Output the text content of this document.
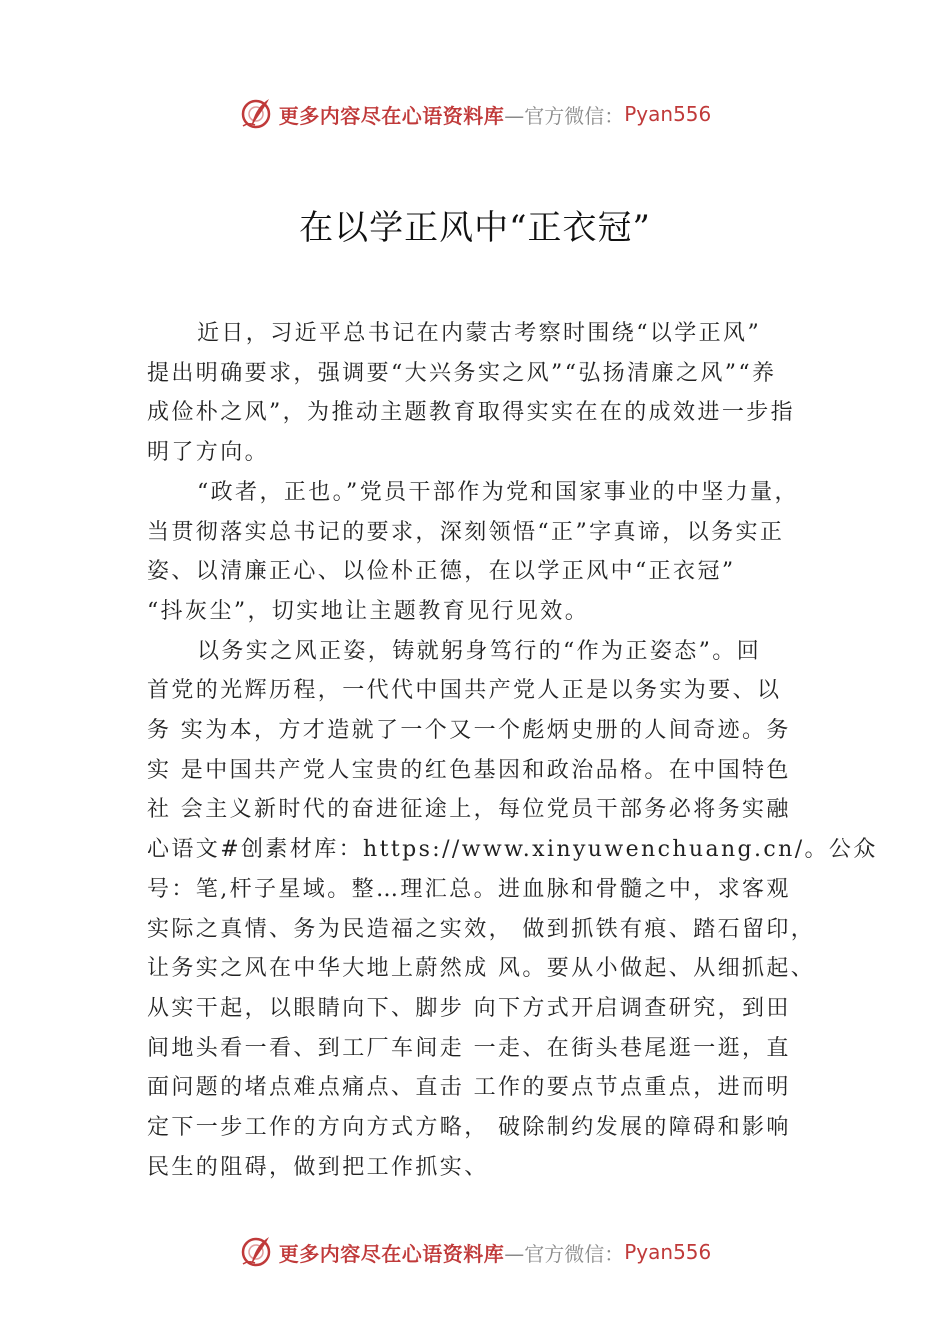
更多内容尽在心语资料库 —官方微信： Pyan556
在以学正风中“正衣冠”
近日，习近平总书记在内蒙古考察时围绕“以学正风”
提出明确要求，强调要“大兴务实之风”“弘扬清廉之风”“养
成俭朴之风”，为推动主题教育取得实实在在的成效进一步指
明了方向。
“政者，正也。”党员干部作为党和国家事业的中坚力量，
当贯彻落实总书记的要求，深刻领悟“正”字真谛，以务实正
姿、以清廉正心、以俭朴正德，在以学正风中“正衣冠”
“抖灰尘”，切实地让主题教育见行见效。
以务实之风正姿，铸就躬身笃行的“作为正姿态”。回
首党的光辉历程，一代代中国共产党人正是以务实为要、以
务 实为本，方才造就了一个又一个彪炳史册的人间奇迹。务
实 是中国共产党人宝贵的红色基因和政治品格。在中国特色
社 会主义新时代的奋进征途上，每位党员干部务必将务实融
心语文#创素材库：https://www.xinyuwenchuang.cn/。公众
号：笔,杆子星域。整…理汇总。进血脉和骨髓之中，求客观
实际之真情、务为民造福之实效， 做到抓铁有痕、踏石留印，
让务实之风在中华大地上蔚然成 风。要从小做起、从细抓起、
从实干起，以眼睛向下、脚步 向下方式开启调查研究，到田
间地头看一看、到工厂车间走 一走、在街头巷尾逛一逛，直
面问题的堵点难点痛点、直击 工作的要点节点重点，进而明
定下一步工作的方向方式方略， 破除制约发展的障碍和影响
民生的阻碍，做到把工作抓实、
更多内容尽在心语资料库 —官方微信： Pyan556
